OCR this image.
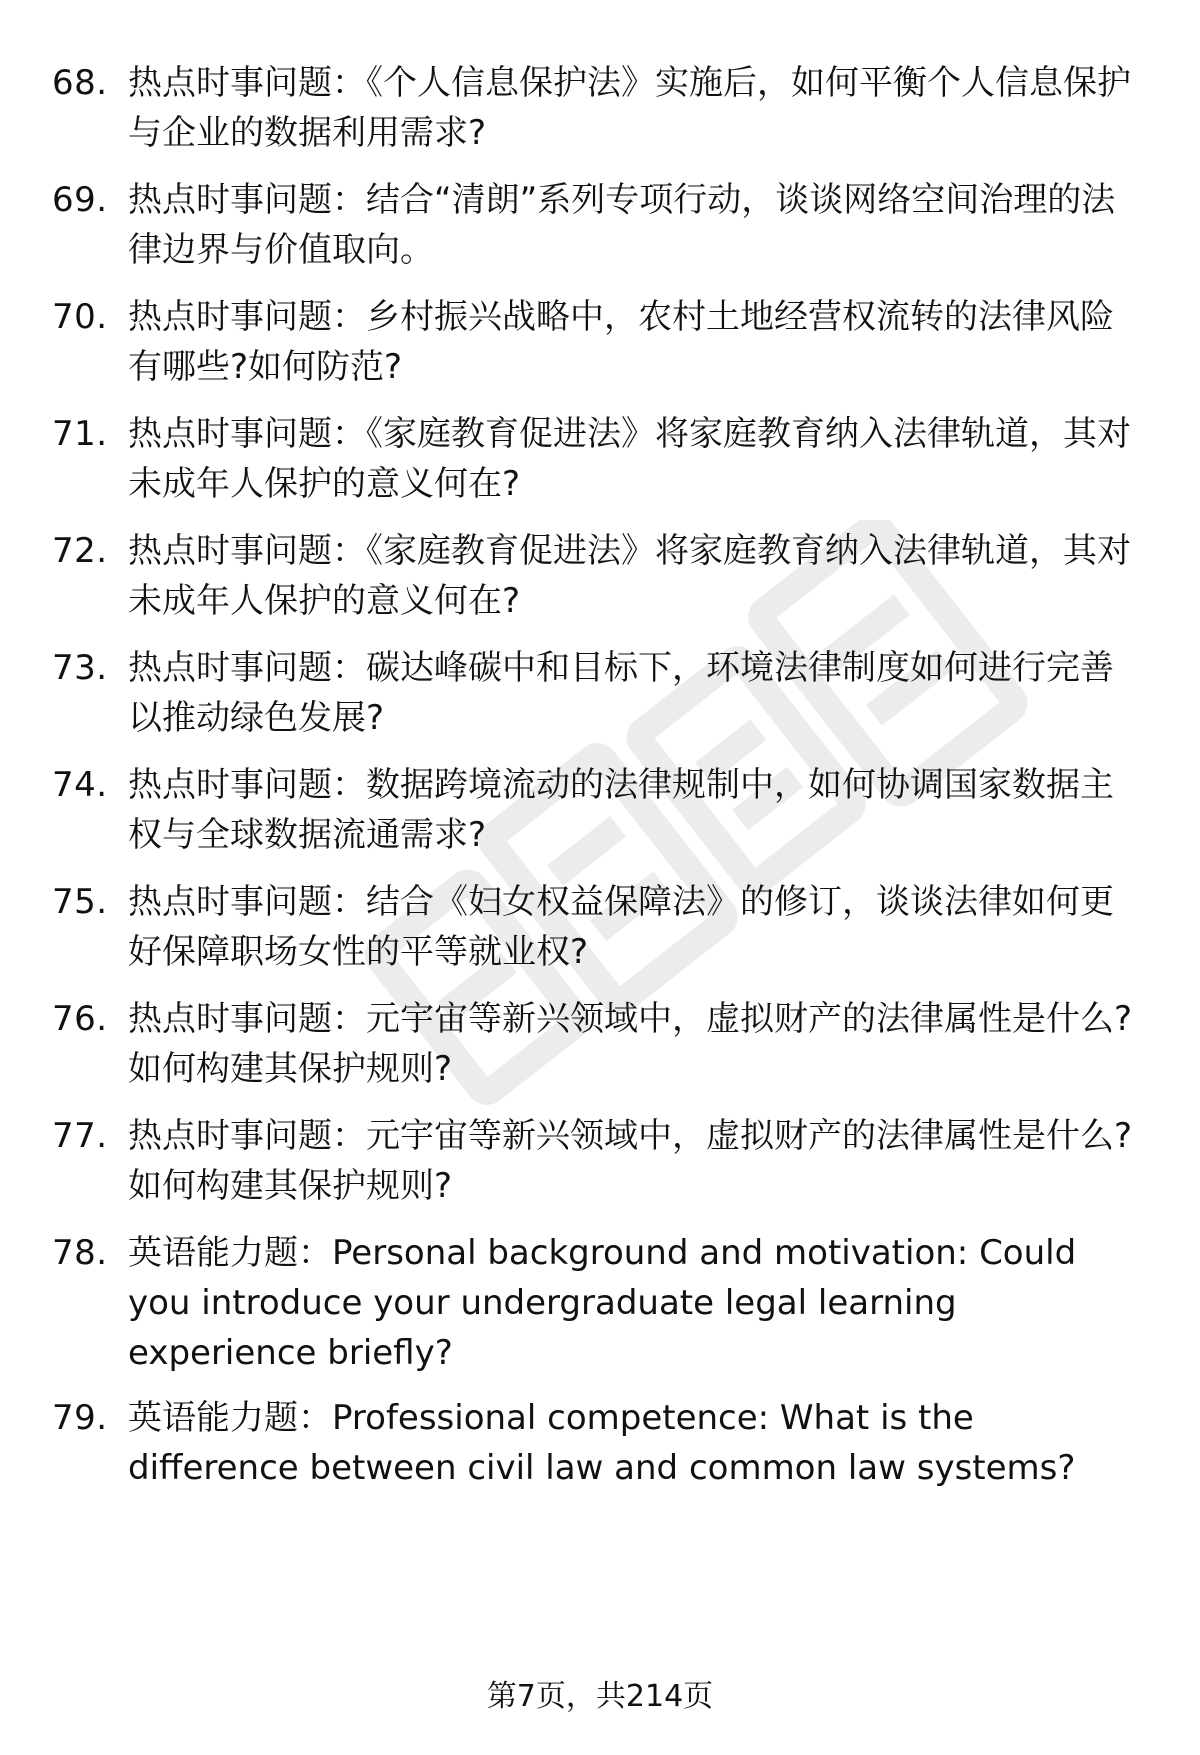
68. 热点时事问题：《个人信息保护法》实施后，如何平衡个人信息保护与企业的数据利用需求?
69. 热点时事问题：结合“清朗”系列专项行动，谈谈网络空间治理的法律边界与价值取向。
70. 热点时事问题：乡村振兴战略中，农村土地经营权流转的法律风险有哪些?如何防范?
71. 热点时事问题：《家庭教育促进法》将家庭教育纳入法律轨道，其对未成年人保护的意义何在?
72. 热点时事问题：《家庭教育促进法》将家庭教育纳入法律轨道，其对未成年人保护的意义何在?
73. 热点时事问题：碳达峰碳中和目标下，环境法律制度如何进行完善以推动绿色发展?
74. 热点时事问题：数据跨境流动的法律规制中，如何协调国家数据主权与全球数据流通需求?
75. 热点时事问题：结合《妇女权益保障法》的修订，谈谈法律如何更好保障职场女性的平等就业权?
76. 热点时事问题：元宇宙等新兴领域中，虚拟财产的法律属性是什么?如何构建其保护规则?
77. 热点时事问题：元宇宙等新兴领域中，虚拟财产的法律属性是什么?如何构建其保护规则?
78. 英语能力题：Personal background and motivation: Could you introduce your undergraduate legal learning experience briefly?
79. 英语能力题：Professional competence: What is the difference between civil law and common law systems?
第7页，共214页
